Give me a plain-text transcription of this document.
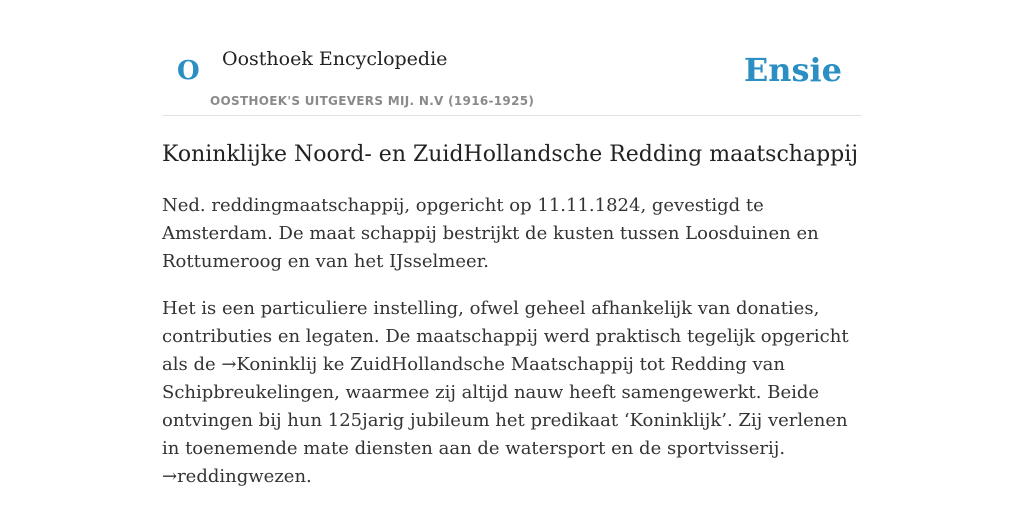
O Oosthoek Encyclopedie
OOSTHOEK'S UITGEVERS MIJ. N.V (1916-1925)
Ensie
Koninklijke Noord- en ZuidHollandsche Redding maatschappij

Ned. reddingmaatschappij, opgericht op 11.11.1824, gevestigd te Amsterdam. De maat schappij bestrijkt de kusten tussen Loosduinen en Rottumeroog en van het IJsselmeer.

Het is een particuliere instelling, ofwel geheel afhankelijk van donaties, contributies en legaten. De maatschappij werd praktisch tegelijk opgericht als de →Koninklij ke ZuidHollandsche Maatschappij tot Redding van Schipbreukelingen, waarmee zij altijd nauw heeft samengewerkt. Beide ontvingen bij hun 125jarig jubileum het predikaat ‘Koninklijk’. Zij verlenen in toenemende mate diensten aan de watersport en de sportvisserij. →reddingwezen.
